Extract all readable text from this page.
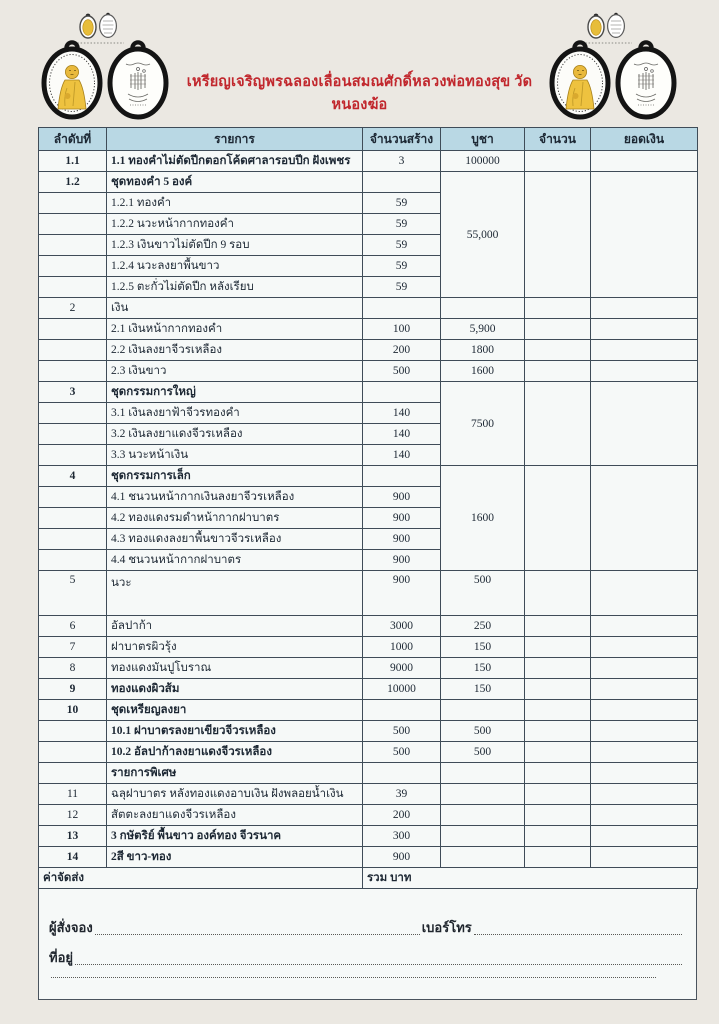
เหรียญเจริญพรฉลองเลื่อนสมณศักดิ์หลวงพ่อทองสุข วัดหนองฆ้อ
ลำดับที่	รายการ	จำนวนสร้าง	บูชา	จำนวน	ยอดเงิน
1.1	1.1 ทองคำไม่ตัดปีกตอกโค้ดศาลารอบปีก ฝังเพชร	3	100000		
1.2	ชุดทองคำ 5 องค์		55,000		
	1.2.1 ทองคำ	59			
	1.2.2 นวะหน้ากากทองคำ	59			
	1.2.3 เงินขาวไม่ตัดปีก 9 รอบ	59			
	1.2.4 นวะลงยาพื้นขาว	59			
	1.2.5 ตะกั่วไม่ตัดปีก หลังเรียบ	59			
2	เงิน				
	2.1 เงินหน้ากากทองคำ	100	5,900		
	2.2 เงินลงยาจีวรเหลือง	200	1800		
	2.3 เงินขาว	500	1600		
3	ชุดกรรมการใหญ่		7500		
	3.1 เงินลงยาฟ้าจีวรทองคำ	140			
	3.2 เงินลงยาแดงจีวรเหลือง	140			
	3.3 นวะหน้าเงิน	140			
4	ชุดกรรมการเล็ก		1600		
	4.1 ชนวนหน้ากากเงินลงยาจีวรเหลือง	900			
	4.2 ทองแดงรมดำหน้ากากฝาบาตร	900			
	4.3 ทองแดงลงยาพื้นขาวจีวรเหลือง	900			
	4.4 ชนวนหน้ากากฝาบาตร	900			
5	นวะ	900	500		
6	อัลปาก้า	3000	250		
7	ฝาบาตรผิวรุ้ง	1000	150		
8	ทองแดงมันปูโบราณ	9000	150		
9	ทองแดงผิวส้ม	10000	150		
10	ชุดเหรียญลงยา				
	10.1 ฝาบาตรลงยาเขียวจีวรเหลือง	500	500		
	10.2 อัลปาก้าลงยาแดงจีวรเหลือง	500	500		
	รายการพิเศษ				
11	ฉลุฝาบาตร หลังทองแดงอาบเงิน ฝังพลอยน้ำเงิน	39			
12	สัตตะลงยาแดงจีวรเหลือง	200			
13	3 กษัตริย์ พื้นขาว องค์ทอง จีวรนาค	300			
14	2สี ขาว-ทอง	900			
ค่าจัดส่ง		รวม บาท			
ผู้สั่งจอง	เบอร์โทร
ที่อยู่
